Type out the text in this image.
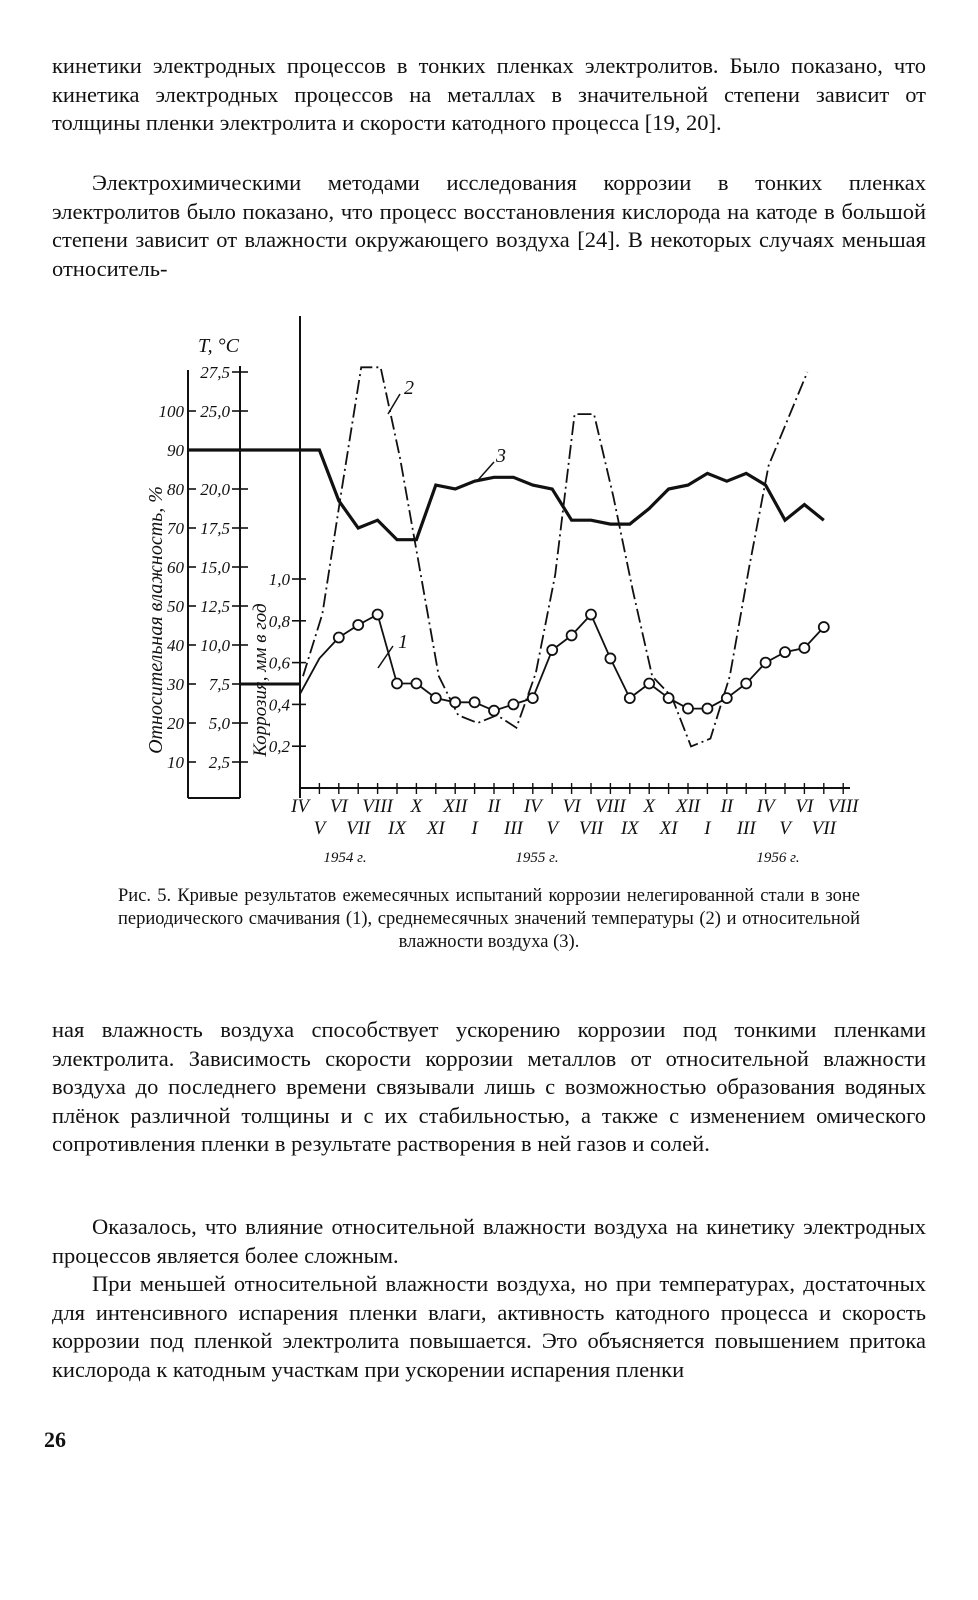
кинетики электродных процессов в тонких пленках электролитов. Было показано, что кинетика электродных процессов на металлах в значительной степени зависит от толщины пленки электролита и скорости катодного процесса [19, 20].

Электрохимическими методами исследования коррозии в тонких пленках электролитов было показано, что процесс восстановления кислорода на катоде в большой степени зависит от влажности окружающего воздуха [24]. В некоторых случаях меньшая относитель-

10
20
30
40
50
60
70
80
90
100
2,5
5,0
7,5
10,0
12,5
15,0
17,5
20,0
25,0
27,5
0,2
0,4
0,6
0,8
1,0
Относительная влажность, %
T, °C
Коррозия, мм в год
IV VI VIII X XII II IV VI VIII X XII II IV VI VIII
V VII IX XI I III V VII IX XI I III V VII
1954 г.	1955 г.	1956 г.
1
2
3

Рис. 5. Кривые результатов ежемесячных испытаний коррозии нелегированной стали в зоне периодического смачивания (1), среднемесячных значений температуры (2) и относительной влажности воздуха (3).

ная влажность воздуха способствует ускорению коррозии под тонкими пленками электролита. Зависимость скорости коррозии металлов от относительной влажности воздуха до последнего времени связывали лишь с возможностью образования водяных плёнок различной толщины и с их стабильностью, а также с изменением омического сопротивления пленки в результате растворения в ней газов и солей.

Оказалось, что влияние относительной влажности воздуха на кинетику электродных процессов является более сложным.

При меньшей относительной влажности воздуха, но при температурах, достаточных для интенсивного испарения пленки влаги, активность катодного процесса и скорость коррозии под пленкой электролита повышается. Это объясняется повышением притока кислорода к катодным участкам при ускорении испарения пленки

26
